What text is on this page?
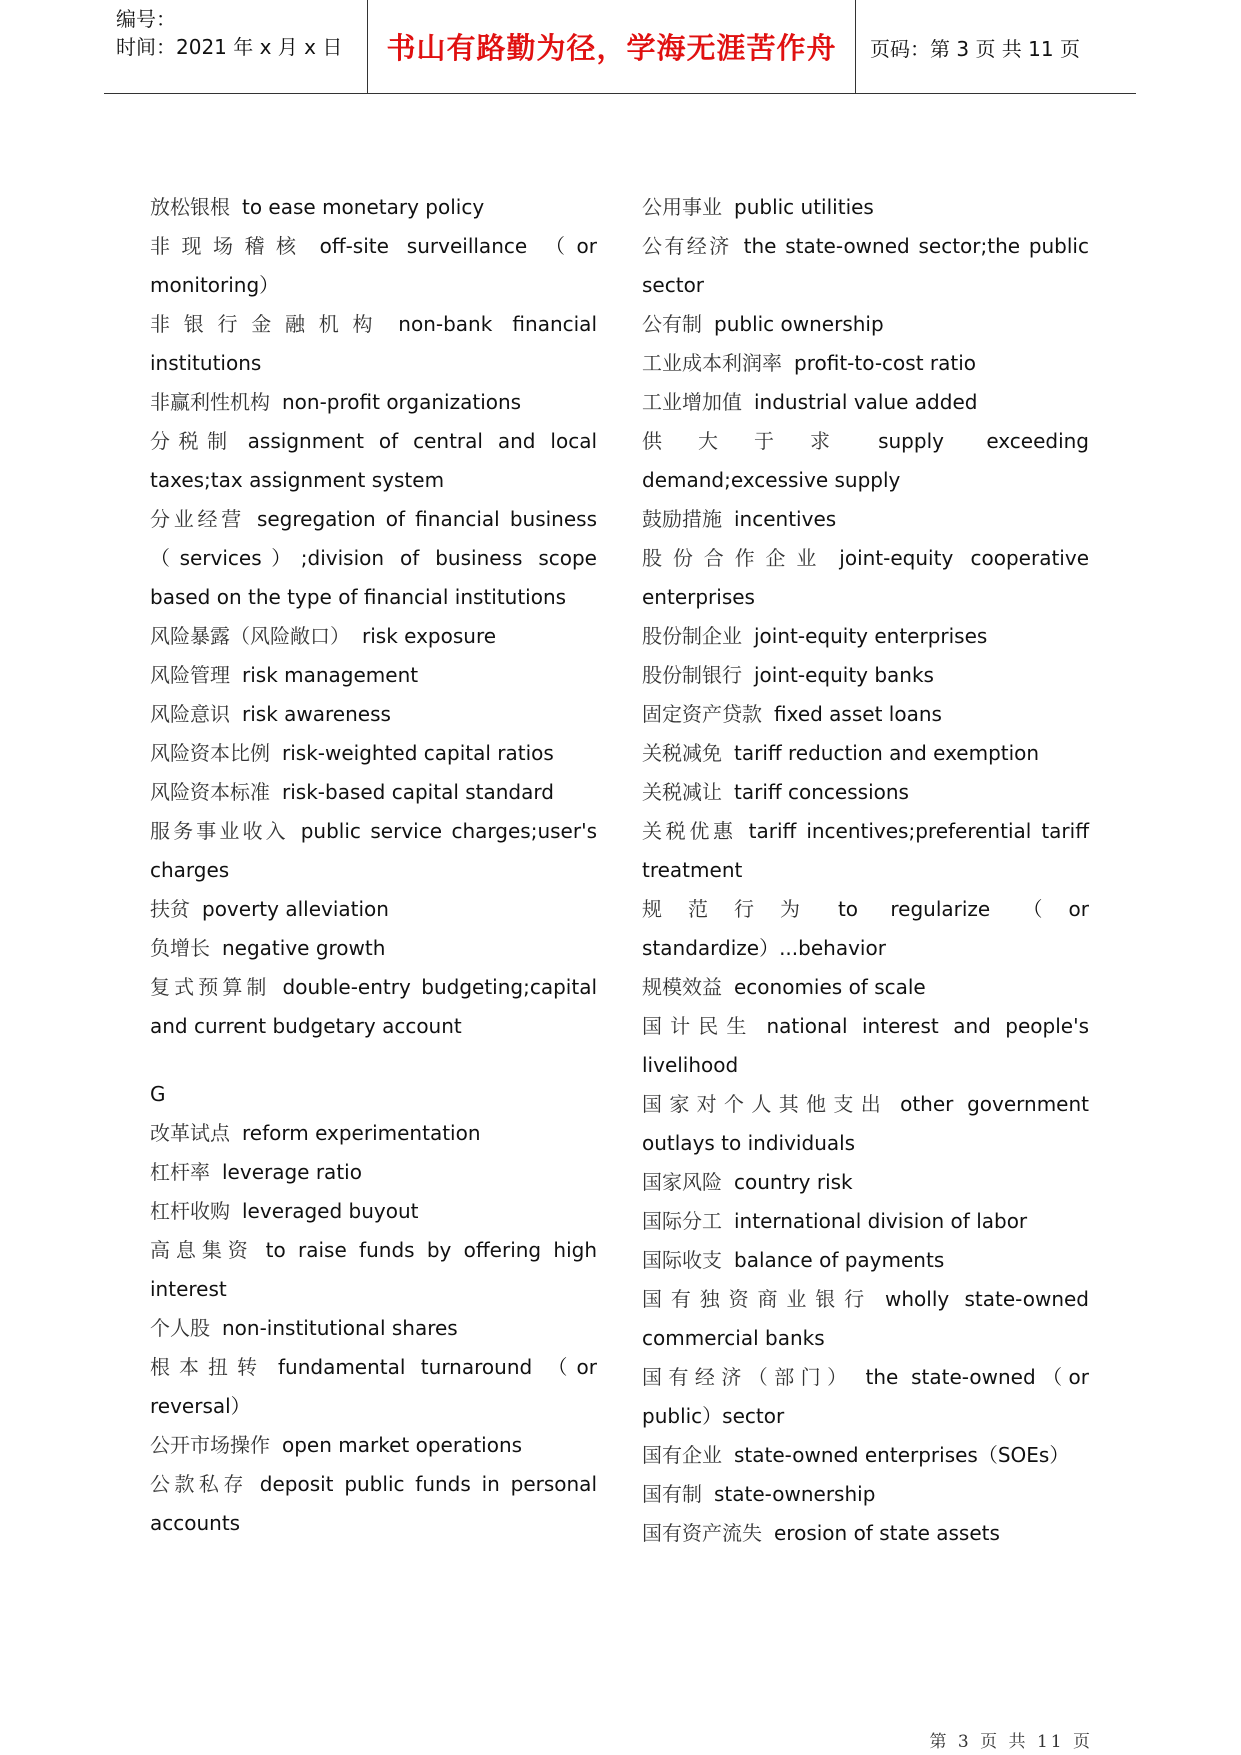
编号：
时间：2021 年 x 月 x 日	书山有路勤为径，学海无涯苦作舟	页码：第 3 页 共 11 页
放松银根 to ease monetary policy
非现场稽核 off-site surveillance （or monitoring）
非银行金融机构 non-bank financial institutions
非赢利性机构 non-profit organizations
分税制 assignment of central and local taxes;tax assignment system
分业经营 segregation of financial business （services）;division of business scope based on the type of financial institutions
风险暴露（风险敞口） risk exposure
风险管理 risk management
风险意识 risk awareness
风险资本比例 risk-weighted capital ratios
风险资本标准 risk-based capital standard
服务事业收入 public service charges;user's charges
扶贫 poverty alleviation
负增长 negative growth
复式预算制 double-entry budgeting;capital and current budgetary account
G
改革试点 reform experimentation
杠杆率 leverage ratio
杠杆收购 leveraged buyout
高息集资 to raise funds by offering high interest
个人股 non-institutional shares
根本扭转 fundamental turnaround （or reversal）
公开市场操作 open market operations
公款私存 deposit public funds in personal accounts
公用事业 public utilities
公有经济 the state-owned sector;the public sector
公有制 public ownership
工业成本利润率 profit-to-cost ratio
工业增加值 industrial value added
供大于求 supply exceeding demand;excessive supply
鼓励措施 incentives
股份合作企业 joint-equity cooperative enterprises
股份制企业 joint-equity enterprises
股份制银行 joint-equity banks
固定资产贷款 fixed asset loans
关税减免 tariff reduction and exemption
关税减让 tariff concessions
关税优惠 tariff incentives;preferential tariff treatment
规范行为 to regularize （or standardize）...behavior
规模效益 economies of scale
国计民生 national interest and people's livelihood
国家对个人其他支出 other government outlays to individuals
国家风险 country risk
国际分工 international division of labor
国际收支 balance of payments
国有独资商业银行 wholly state-owned commercial banks
国有经济（部门） the state-owned（or public）sector
国有企业 state-owned enterprises（SOEs）
国有制 state-ownership
国有资产流失 erosion of state assets
第 3 页 共 11 页
